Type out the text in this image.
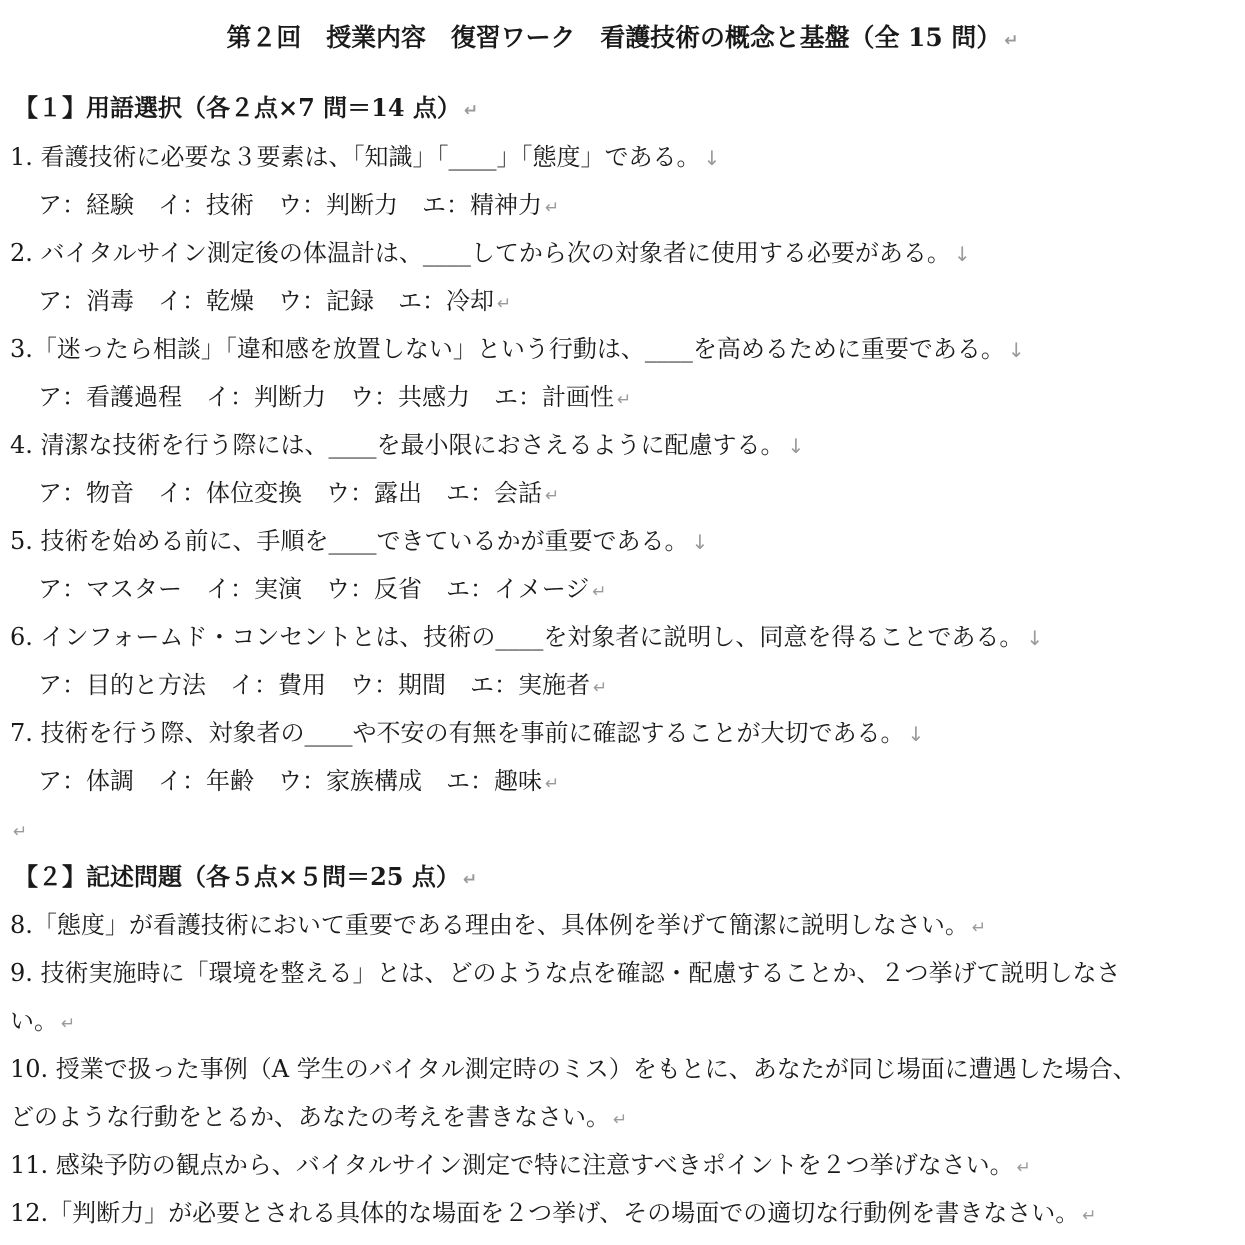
第２回　授業内容　復習ワーク　看護技術の概念と基盤（全 15 問） ↵
【１】用語選択（各２点×7 問＝14 点） ↵
1. 看護技術に必要な３要素は、「知識」「____」「態度」である。 ↓
ア：経験　イ：技術　ウ：判断力　エ：精神力 ↵
2. バイタルサイン測定後の体温計は、____してから次の対象者に使用する必要がある。 ↓
ア：消毒　イ：乾燥　ウ：記録　エ：冷却 ↵
3.「迷ったら相談」「違和感を放置しない」という行動は、____を高めるために重要である。 ↓
ア：看護過程　イ：判断力　ウ：共感力　エ：計画性 ↵
4. 清潔な技術を行う際には、____を最小限におさえるように配慮する。 ↓
ア：物音　イ：体位変換　ウ：露出　エ：会話 ↵
5. 技術を始める前に、手順を____できているかが重要である。 ↓
ア：マスター　イ：実演　ウ：反省　エ：イメージ ↵
6. インフォームド・コンセントとは、技術の____を対象者に説明し、同意を得ることである。 ↓
ア：目的と方法　イ：費用　ウ：期間　エ：実施者 ↵
7. 技術を行う際、対象者の____や不安の有無を事前に確認することが大切である。 ↓
ア：体調　イ：年齢　ウ：家族構成　エ：趣味 ↵
↵
【２】記述問題（各５点×５問＝25 点） ↵
8.「態度」が看護技術において重要である理由を、具体例を挙げて簡潔に説明しなさい。 ↵
9. 技術実施時に「環境を整える」とは、どのような点を確認・配慮することか、２つ挙げて説明しなさ
い。 ↵
10. 授業で扱った事例（A 学生のバイタル測定時のミス）をもとに、あなたが同じ場面に遭遇した場合、
どのような行動をとるか、あなたの考えを書きなさい。 ↵
11. 感染予防の観点から、バイタルサイン測定で特に注意すべきポイントを２つ挙げなさい。 ↵
12.「判断力」が必要とされる具体的な場面を２つ挙げ、その場面での適切な行動例を書きなさい。 ↵
